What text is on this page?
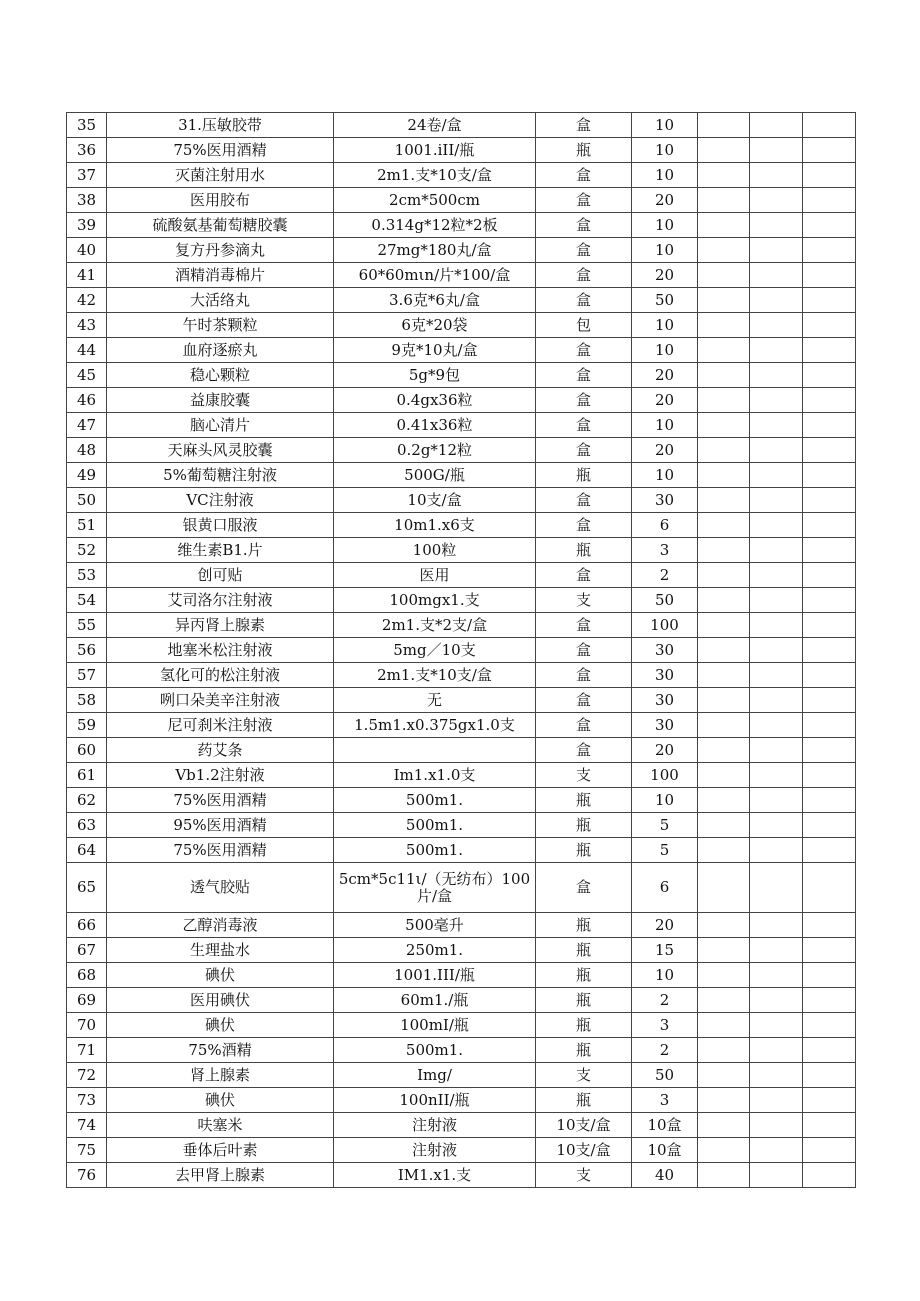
35	31.压敏胶带	24卷/盒	盒	10			
36	75%医用酒精	1001.iII/瓶	瓶	10			
37	灭菌注射用水	2m1.支*10支/盒	盒	10			
38	医用胶布	2cm*500cm	盒	20			
39	硫酸氨基葡萄糖胶囊	0.314g*12粒*2板	盒	10			
40	复方丹参滴丸	27mg*180丸/盒	盒	10			
41	酒精消毒棉片	60*60mιn/片*100/盒	盒	20			
42	大活络丸	3.6克*6丸/盒	盒	50			
43	午时茶颗粒	6克*20袋	包	10			
44	血府逐瘀丸	9克*10丸/盒	盒	10			
45	稳心颗粒	5g*9包	盒	20			
46	益康胶囊	0.4gx36粒	盒	20			
47	脑心清片	0.41x36粒	盒	10			
48	天麻头风灵胶囊	0.2g*12粒	盒	20			
49	5%葡萄糖注射液	500G/瓶	瓶	10			
50	VC注射液	10支/盒	盒	30			
51	银黄口服液	10m1.x6支	盒	6			
52	维生素B1.片	100粒	瓶	3			
53	创可贴	医用	盒	2			
54	艾司洛尔注射液	100mgx1.支	支	50			
55	异丙肾上腺素	2m1.支*2支/盒	盒	100			
56	地塞米松注射液	5mg／10支	盒	30			
57	氢化可的松注射液	2m1.支*10支/盒	盒	30			
58	咧口朵美辛注射液	无	盒	30			
59	尼可刹米注射液	1.5m1.x0.375gx1.0支	盒	30			
60	药艾条		盒	20			
61	Vb1.2注射液	Im1.x1.0支	支	100			
62	75%医用酒精	500m1.	瓶	10			
63	95%医用酒精	500m1.	瓶	5			
64	75%医用酒精	500m1.	瓶	5			
65	透气胶贴	5cm*5c11ι/（无纺布）100片/盒	盒	6			
66	乙醇消毒液	500毫升	瓶	20			
67	生理盐水	250m1.	瓶	15			
68	碘伏	1001.III/瓶	瓶	10			
69	医用碘伏	60m1./瓶	瓶	2			
70	碘伏	100mI/瓶	瓶	3			
71	75%酒精	500m1.	瓶	2			
72	肾上腺素	Img/	支	50			
73	碘伏	100nII/瓶	瓶	3			
74	呋塞米	注射液	10支/盒	10盒			
75	垂体后叶素	注射液	10支/盒	10盒			
76	去甲肾上腺素	IM1.x1.支	支	40			
